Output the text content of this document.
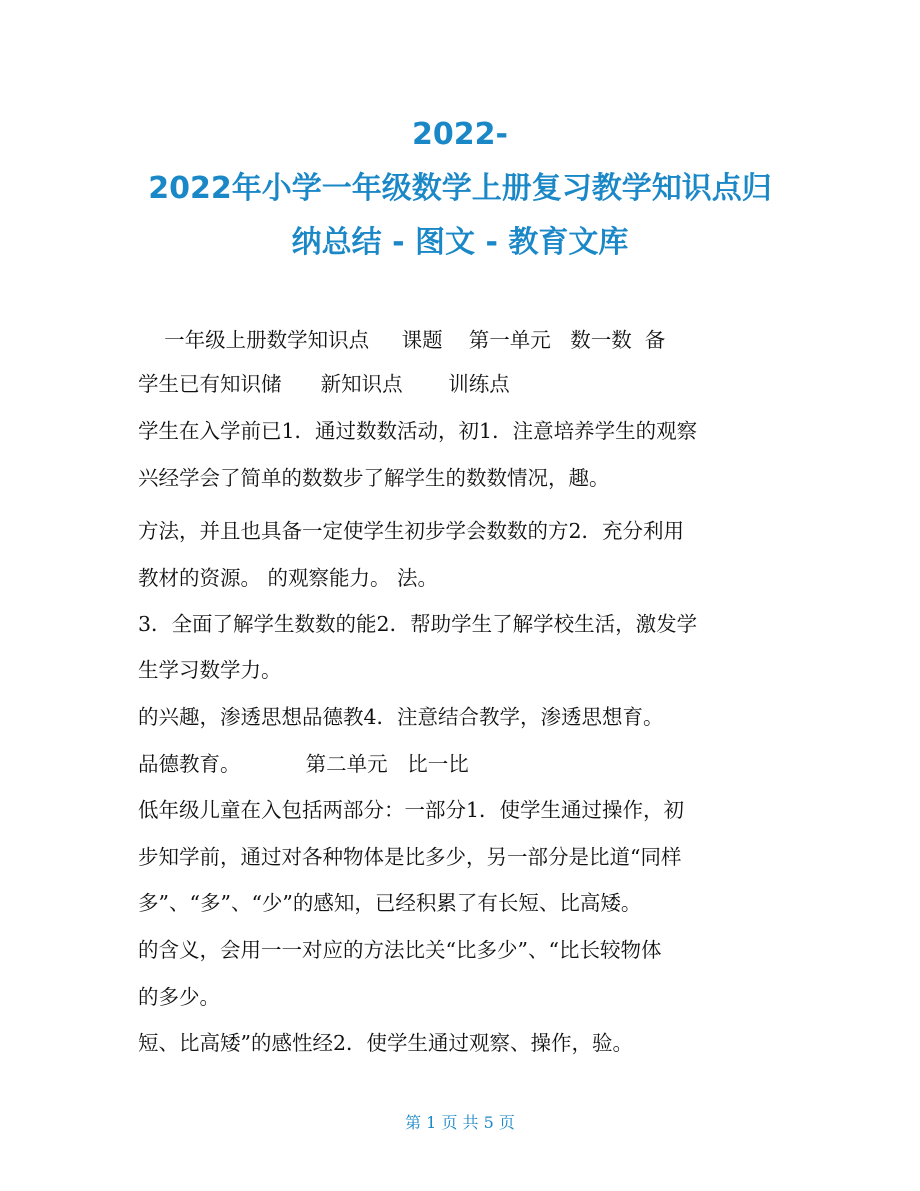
2022-
2022年小学一年级数学上册复习教学知识点归
纳总结 - 图文 - 教育文库
一年级上册数学知识点     课题    第一单元   数一数  备
学生已有知识储      新知识点       训练点
学生在入学前已1．通过数数活动，初1．注意培养学生的观察
兴经学会了简单的数数步了解学生的数数情况，趣。
方法，并且也具备一定使学生初步学会数数的方2．充分利用
教材的资源。 的观察能力。 法。
3．全面了解学生数数的能2．帮助学生了解学校生活，激发学
生学习数学力。
的兴趣，渗透思想品德教4．注意结合教学，渗透思想育。
品德教育。          第二单元   比一比
低年级儿童在入包括两部分：一部分1．使学生通过操作，初
步知学前，通过对各种物体是比多少，另一部分是比道“同样
多”、“多”、“少”的感知，已经积累了有长短、比高矮。
的含义，会用一一对应的方法比关“比多少”、“比长较物体
的多少。
短、比高矮”的感性经2．使学生通过观察、操作，验。
第 1 页 共 5 页
